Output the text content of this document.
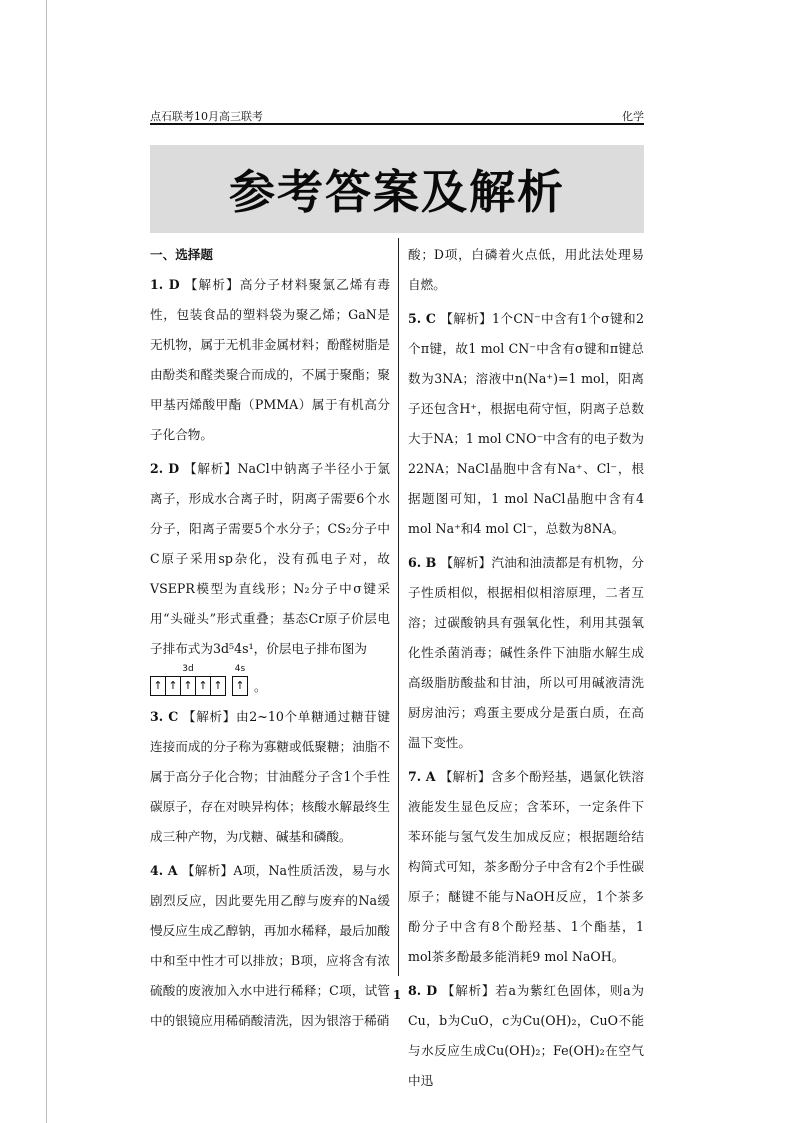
点石联考10月高三联考	化学
参考答案及解析

一、选择题

1. D 【解析】高分子材料聚氯乙烯有毒性，包装食品的塑料袋为聚乙烯；GaN是无机物，属于无机非金属材料；酚醛树脂是由酚类和醛类聚合而成的，不属于聚酯；聚甲基丙烯酸甲酯（PMMA）属于有机高分子化合物。

2. D 【解析】NaCl中钠离子半径小于氯离子，形成水合离子时，阴离子需要6个水分子，阳离子需要5个水分子；CS₂分子中C原子采用sp杂化，没有孤电子对，故VSEPR模型为直线形；N₂分子中σ键采用“头碰头”形式重叠；基态Cr原子价层电子排布式为3d⁵4s¹，价层电子排布图为

3d
↑ ↑ ↑ ↑ ↑
4s
↑ 。

3. C 【解析】由2~10个单糖通过糖苷键连接而成的分子称为寡糖或低聚糖；油脂不属于高分子化合物；甘油醛分子含1个手性碳原子，存在对映异构体；核酸水解最终生成三种产物，为戊糖、碱基和磷酸。

4. A 【解析】A项，Na性质活泼，易与水剧烈反应，因此要先用乙醇与废弃的Na缓慢反应生成乙醇钠，再加水稀释，最后加酸中和至中性才可以排放；B项，应将含有浓硫酸的废液加入水中进行稀释；C项，试管中的银镜应用稀硝酸清洗，因为银溶于稀硝

酸；D项，白磷着火点低，用此法处理易自燃。

5. C 【解析】1个CN⁻中含有1个σ键和2个π键，故1 mol CN⁻中含有σ键和π键总数为3NA；溶液中n(Na⁺)=1 mol，阳离子还包含H⁺，根据电荷守恒，阴离子总数大于NA；1 mol CNO⁻中含有的电子数为22NA；NaCl晶胞中含有Na⁺、Cl⁻，根据题图可知，1 mol NaCl晶胞中含有4 mol Na⁺和4 mol Cl⁻，总数为8NA。

6. B 【解析】汽油和油渍都是有机物，分子性质相似，根据相似相溶原理，二者互溶；过碳酸钠具有强氧化性，利用其强氧化性杀菌消毒；碱性条件下油脂水解生成高级脂肪酸盐和甘油，所以可用碱液清洗厨房油污；鸡蛋主要成分是蛋白质，在高温下变性。

7. A 【解析】含多个酚羟基，遇氯化铁溶液能发生显色反应；含苯环，一定条件下苯环能与氢气发生加成反应；根据题给结构简式可知，茶多酚分子中含有2个手性碳原子；醚键不能与NaOH反应，1个茶多酚分子中含有8个酚羟基、1个酯基，1 mol茶多酚最多能消耗9 mol NaOH。

8. D 【解析】若a为紫红色固体，则a为Cu，b为CuO，c为Cu(OH)₂，CuO不能与水反应生成Cu(OH)₂；Fe(OH)₂在空气中迅

1
